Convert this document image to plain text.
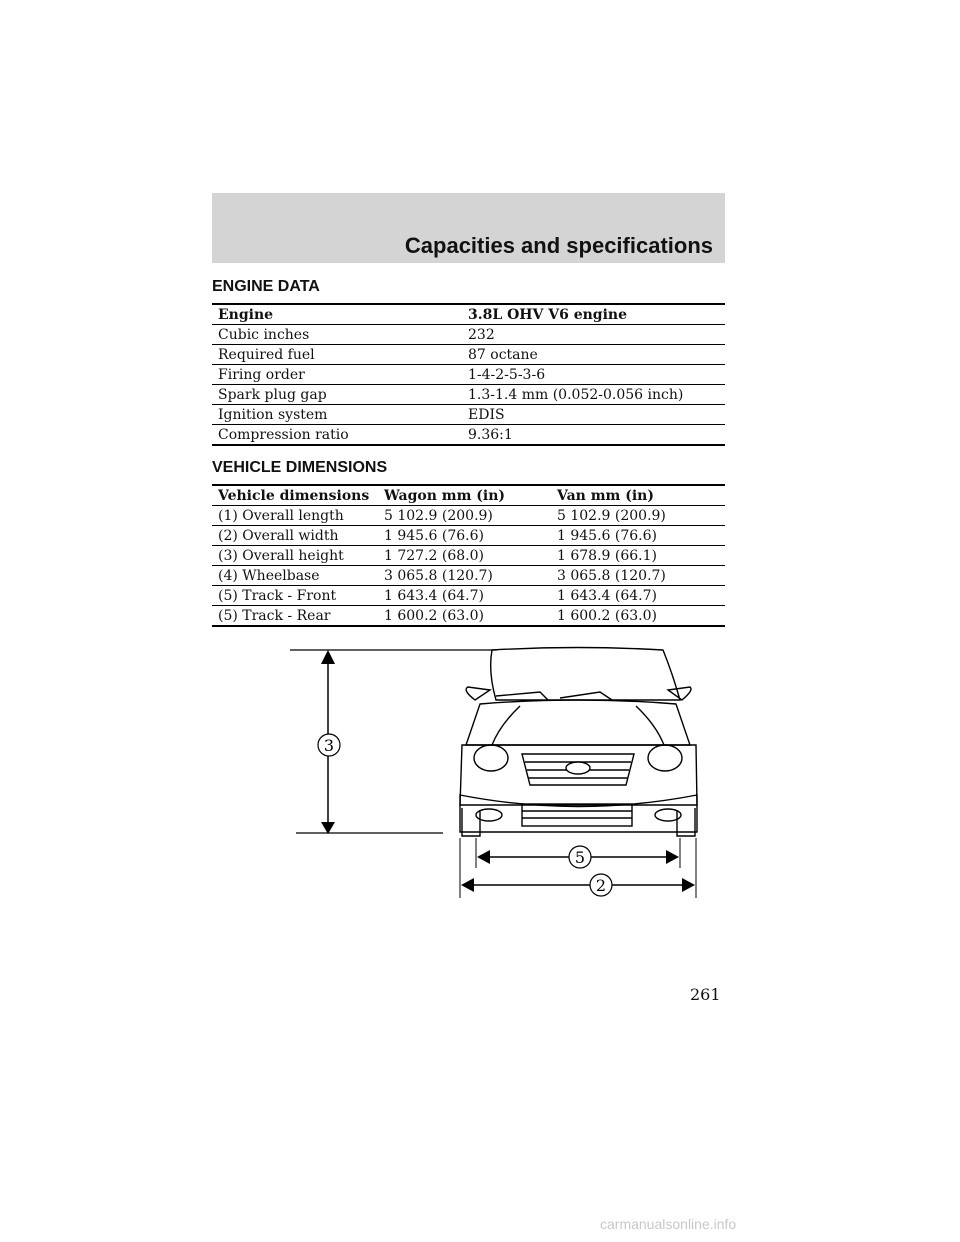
Capacities and specifications
ENGINE DATA
Engine	3.8L OHV V6 engine
Cubic inches	232
Required fuel	87 octane
Firing order	1-4-2-5-3-6
Spark plug gap	1.3-1.4 mm (0.052-0.056 inch)
Ignition system	EDIS
Compression ratio	9.36:1
VEHICLE DIMENSIONS
Vehicle dimensions	Wagon mm (in)	Van mm (in)
(1) Overall length	5 102.9 (200.9)	5 102.9 (200.9)
(2) Overall width	1 945.6 (76.6)	1 945.6 (76.6)
(3) Overall height	1 727.2 (68.0)	1 678.9 (66.1)
(4) Wheelbase	3 065.8 (120.7)	3 065.8 (120.7)
(5) Track - Front	1 643.4 (64.7)	1 643.4 (64.7)
(5) Track - Rear	1 600.2 (63.0)	1 600.2 (63.0)
3
5
2
261
carmanualsonline.info
